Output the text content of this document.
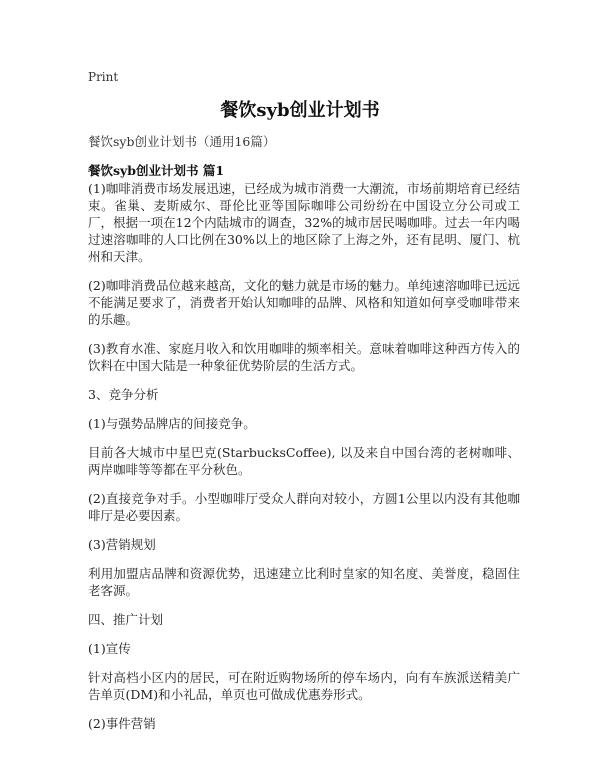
Print
餐饮syb创业计划书
餐饮syb创业计划书（通用16篇）
餐饮syb创业计划书 篇1

(1)咖啡消费市场发展迅速，已经成为城市消费一大潮流，市场前期培育已经结束。雀巢、麦斯威尔、哥伦比亚等国际咖啡公司纷纷在中国设立分公司或工厂，根据一项在12个内陆城市的调查，32%的城市居民喝咖啡。过去一年内喝过速溶咖啡的人口比例在30%以上的地区除了上海之外，还有昆明、厦门、杭州和天津。

(2)咖啡消费品位越来越高，文化的魅力就是市场的魅力。单纯速溶咖啡已远远不能满足要求了，消费者开始认知咖啡的品牌、风格和知道如何享受咖啡带来的乐趣。

(3)教育水准、家庭月收入和饮用咖啡的频率相关。意味着咖啡这种西方传入的饮料在中国大陆是一种象征优势阶层的生活方式。

3、竞争分析

(1)与强势品牌店的间接竞争。

目前各大城市中星巴克(StarbucksCoffee), 以及来自中国台湾的老树咖啡、两岸咖啡等等都在平分秋色。

(2)直接竞争对手。小型咖啡厅受众人群向对较小，方圆1公里以内没有其他咖啡厅是必要因素。

(3)营销规划

利用加盟店品牌和资源优势，迅速建立比利时皇家的知名度、美誉度，稳固住老客源。

四、推广计划

(1)宣传

针对高档小区内的居民，可在附近购物场所的停车场内，向有车族派送精美广告单页(DM)和小礼品，单页也可做成优惠券形式。

(2)事件营销
